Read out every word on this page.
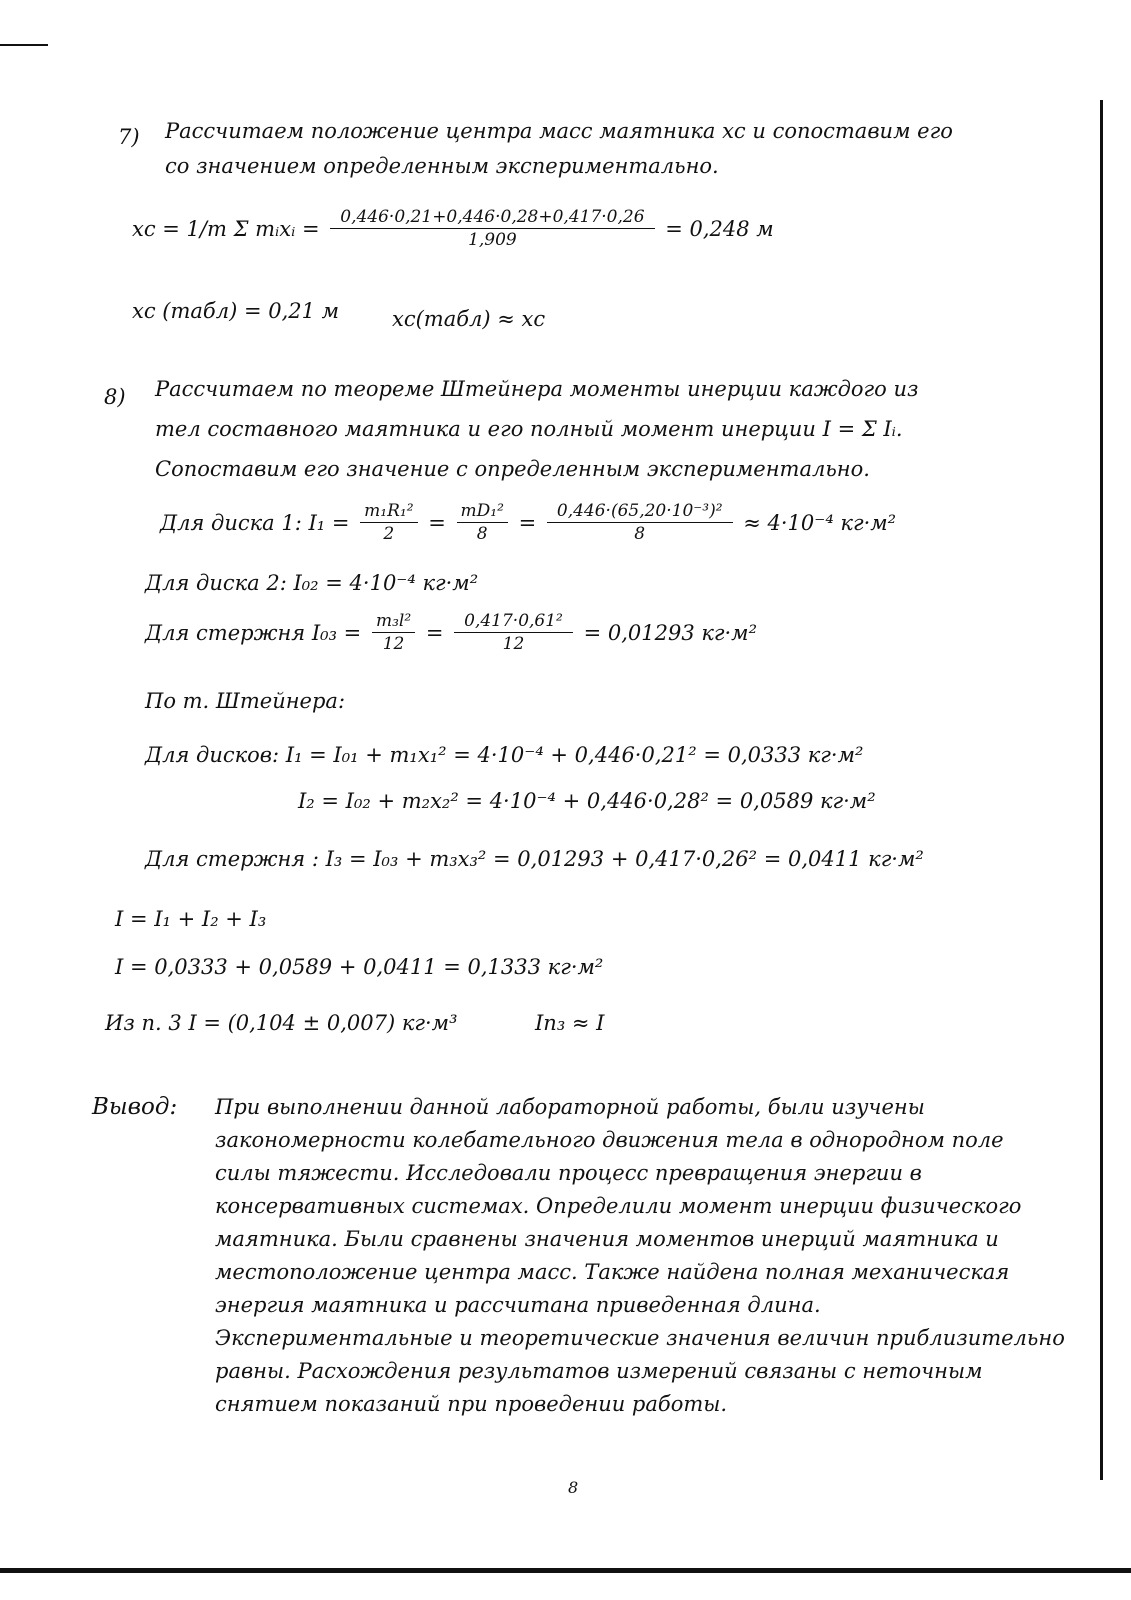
7) Рассчитаем положение центра масс маятника xc и сопоставим его
со значением определенным экспериментально.
xc = 1/m Σ mᵢxᵢ = $\frac{0,446\cdot 0,21+0,446\cdot 0,28+0,417\cdot 0,26}{1,909} = 0,248$ м
xc (табл) = 0,21 м	xc(табл) ≈ xc
8) Рассчитаем по теореме Штейнера моменты инерции каждого из
тел составного маятника и его полный момент инерции I = Σ Iᵢ.
Сопоставим его значение с определенным экспериментально.
Для диска 1: $I_1 = \frac{\text{m₁R₁²}}{2} = \frac{\text{mD₁²}}{8} = \frac{\text{0,446·(65,20·10⁻³)²}}{8} \approx 4\cdot 10^{-4}$ кг·м²
Для диска 2: I₀₂ = 4·10⁻⁴ кг·м²
Для стержня $I_{03} = \frac{\text{m₃l²}}{12} = \frac{\text{0,417·0,61²}}{12} = 0,01293$ кг·м²
По т. Штейнера:
Для дисков: I₁ = I₀₁ + m₁x₁² = 4·10⁻⁴ + 0,446·0,21² = 0,0333 кг·м²
I₂ = I₀₂ + m₂x₂² = 4·10⁻⁴ + 0,446·0,28² = 0,0589 кг·м²
Для стержня : I₃ = I₀₃ + m₃x₃² = 0,01293 + 0,417·0,26² = 0,0411 кг·м²
I = I₁ + I₂ + I₃
I = 0,0333 + 0,0589 + 0,0411 = 0,1333 кг·м²
Из п. 3 I = (0,104 ± 0,007) кг·м³	Iп₃ ≈ I
Вывод: При выполнении данной лабораторной работы, были изучены
закономерности колебательного движения тела в однородном поле
силы тяжести. Исследовали процесс превращения энергии в
консервативных системах. Определили момент инерции физического
маятника. Были сравнены значения моментов инерций маятника и
местоположение центра масс. Также найдена полная механическая
энергия маятника и рассчитана приведенная длина.
Экспериментальные и теоретические значения величин приблизительно
равны. Расхождения результатов измерений связаны с неточным
снятием показаний при проведении работы.
8
